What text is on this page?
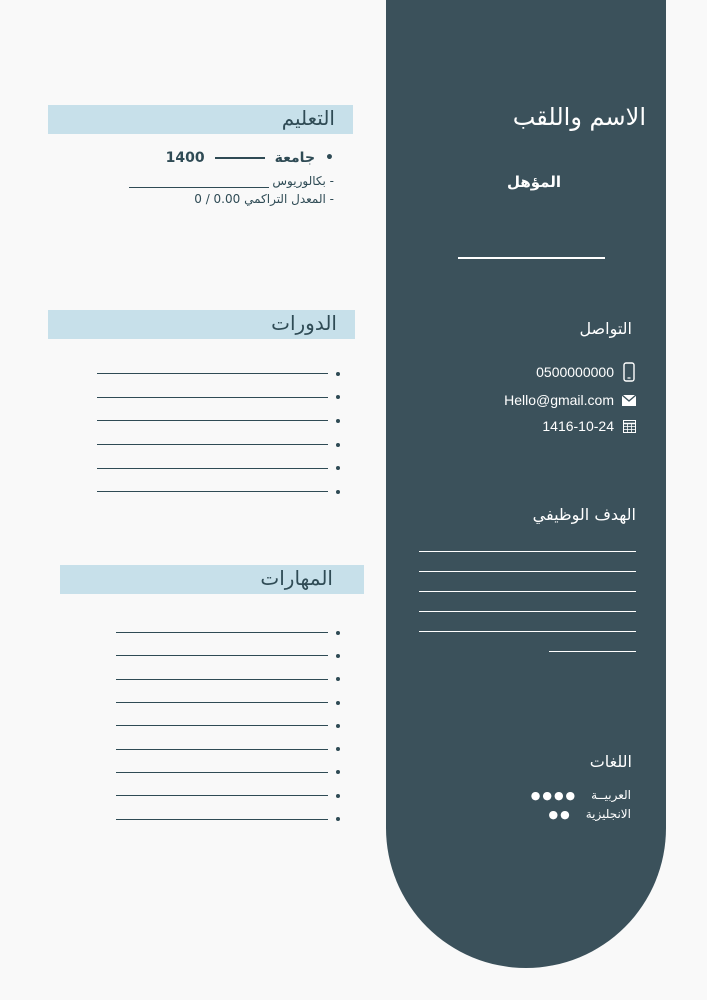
الاسم واللقب
المؤهل
التواصل
0500000000
Hello@gmail.com
1416-10-24
الهدف الوظيفي
اللغات
●●●● العربيــة
●● الانجليزية
التعليم
•
جامعة
1400
- بكالوريوس
- المعدل التراكمي 0.00 / 0
الدورات
المهارات
